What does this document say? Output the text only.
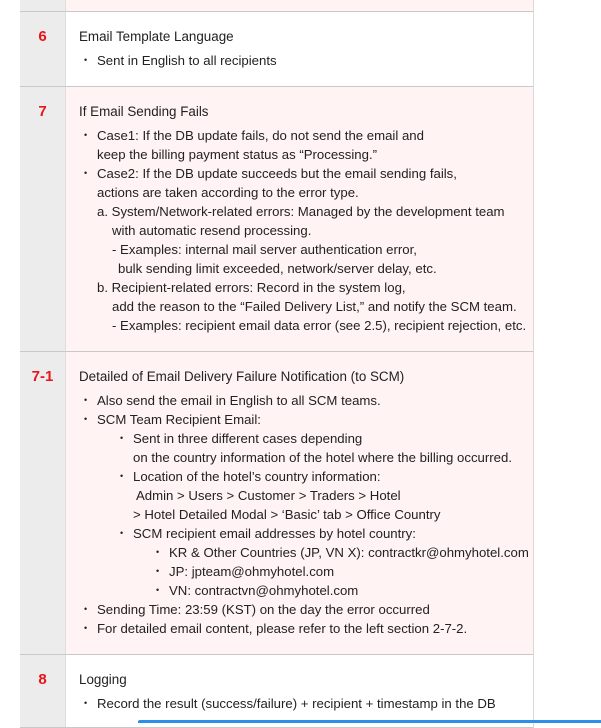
6	Email Template Language
• Sent in English to all recipients
7	If Email Sending Fails
• Case1: If the DB update fails, do not send the email and
keep the billing payment status as “Processing.”
• Case2: If the DB update succeeds but the email sending fails,
actions are taken according to the error type.
a. System/Network-related errors: Managed by the development team
with automatic resend processing.
- Examples: internal mail server authentication error,
bulk sending limit exceeded, network/server delay, etc.
b. Recipient-related errors: Record in the system log,
add the reason to the “Failed Delivery List,” and notify the SCM team.
- Examples: recipient email data error (see 2.5), recipient rejection, etc.
7-1	Detailed of Email Delivery Failure Notification (to SCM)
• Also send the email in English to all SCM teams.
• SCM Team Recipient Email:
• Sent in three different cases depending
on the country information of the hotel where the billing occurred.
• Location of the hotel’s country information:
Admin > Users > Customer > Traders > Hotel
> Hotel Detailed Modal > ‘Basic’ tab > Office Country
• SCM recipient email addresses by hotel country:
• KR & Other Countries (JP, VN X): contractkr@ohmyhotel.com
• JP: jpteam@ohmyhotel.com
• VN: contractvn@ohmyhotel.com
• Sending Time: 23:59 (KST) on the day the error occurred
• For detailed email content, please refer to the left section 2-7-2.
8	Logging
• Record the result (success/failure) + recipient + timestamp in the DB
